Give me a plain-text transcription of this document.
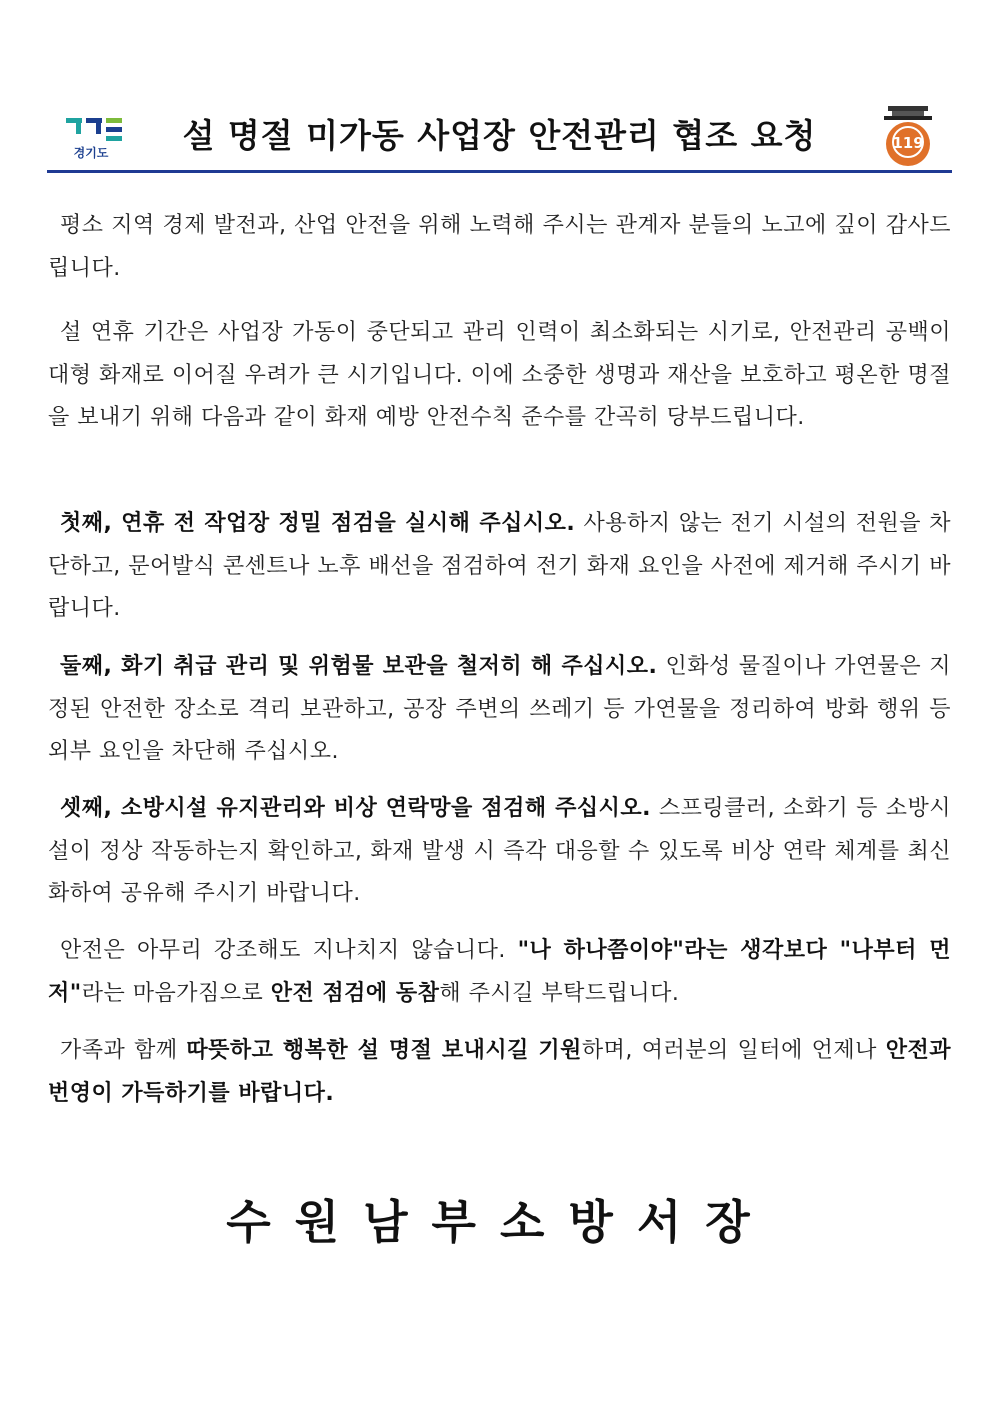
경기도	설 명절 미가동 사업장 안전관리 협조 요청	119

평소 지역 경제 발전과, 산업 안전을 위해 노력해 주시는 관계자 분들의 노고에 깊이 감사드립니다.

설 연휴 기간은 사업장 가동이 중단되고 관리 인력이 최소화되는 시기로, 안전관리 공백이 대형 화재로 이어질 우려가 큰 시기입니다. 이에 소중한 생명과 재산을 보호하고 평온한 명절을 보내기 위해 다음과 같이 화재 예방 안전수칙 준수를 간곡히 당부드립니다.

첫째, 연휴 전 작업장 정밀 점검을 실시해 주십시오. 사용하지 않는 전기 시설의 전원을 차단하고, 문어발식 콘센트나 노후 배선을 점검하여 전기 화재 요인을 사전에 제거해 주시기 바랍니다.

둘째, 화기 취급 관리 및 위험물 보관을 철저히 해 주십시오. 인화성 물질이나 가연물은 지정된 안전한 장소로 격리 보관하고, 공장 주변의 쓰레기 등 가연물을 정리하여 방화 행위 등 외부 요인을 차단해 주십시오.

셋째, 소방시설 유지관리와 비상 연락망을 점검해 주십시오. 스프링클러, 소화기 등 소방시설이 정상 작동하는지 확인하고, 화재 발생 시 즉각 대응할 수 있도록 비상 연락 체계를 최신화하여 공유해 주시기 바랍니다.

안전은 아무리 강조해도 지나치지 않습니다. "나 하나쯤이야"라는 생각보다 "나부터 먼저"라는 마음가짐으로 안전 점검에 동참해 주시길 부탁드립니다.

가족과 함께 따뜻하고 행복한 설 명절 보내시길 기원하며, 여러분의 일터에 언제나 안전과 번영이 가득하기를 바랍니다.

수원남부소방서장
